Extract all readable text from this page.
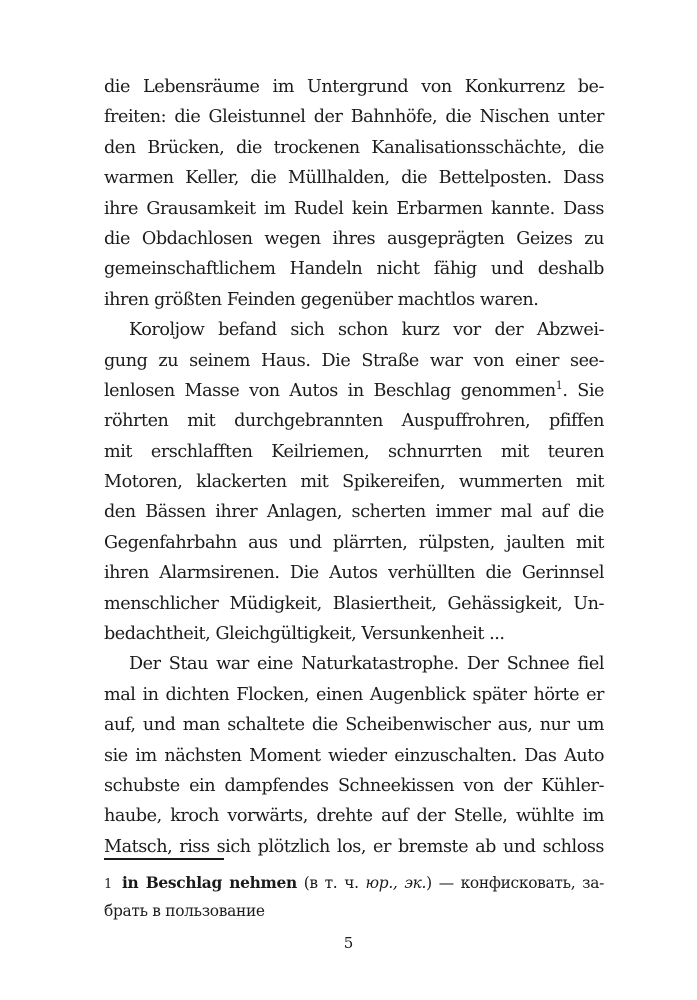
die Lebensräume im Untergrund von Konkurrenz be-
freiten: die Gleistunnel der Bahnhöfe, die Nischen unter
den Brücken, die trockenen Kanalisationsschächte, die
warmen Keller, die Müllhalden, die Bettelposten. Dass
ihre Grausamkeit im Rudel kein Erbarmen kannte. Dass
die Obdachlosen wegen ihres ausgeprägten Geizes zu
gemeinschaftlichem Handeln nicht fähig und deshalb
ihren größten Feinden gegenüber machtlos waren.
Koroljow befand sich schon kurz vor der Abzwei-
gung zu seinem Haus. Die Straße war von einer see-
lenlosen Masse von Autos in Beschlag genommen$^1$. Sie
röhrten mit durchgebrannten Auspuffrohren, pfiffen
mit erschlafften Keilriemen, schnurrten mit teuren
Motoren, klackerten mit Spikereifen, wummerten mit
den Bässen ihrer Anlagen, scherten immer mal auf die
Gegenfahrbahn aus und plärrten, rülpsten, jaulten mit
ihren Alarmsirenen. Die Autos verhüllten die Gerinnsel
menschlicher Müdigkeit, Blasiertheit, Gehässigkeit, Un-
bedachtheit, Gleichgültigkeit, Versunkenheit ...
Der Stau war eine Naturkatastrophe. Der Schnee fiel
mal in dichten Flocken, einen Augenblick später hörte er
auf, und man schaltete die Scheibenwischer aus, nur um
sie im nächsten Moment wieder einzuschalten. Das Auto
schubste ein dampfendes Schneekissen von der Kühler-
haube, kroch vorwärts, drehte auf der Stelle, wühlte im
Matsch, riss sich plötzlich los, er bremste ab und schloss
1 in Beschlag nehmen (в т. ч. юр., эк.) — конфисковать, за-
брать в пользование
5
